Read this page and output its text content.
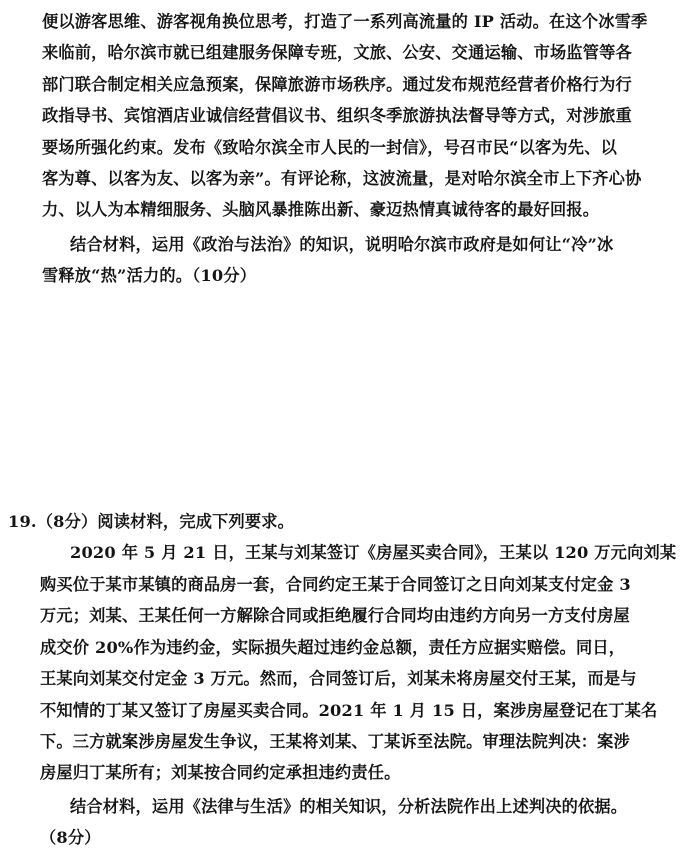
便以游客思维、游客视角换位思考，打造了一系列高流量的 IP 活动。在这个冰雪季
来临前，哈尔滨市就已组建服务保障专班，文旅、公安、交通运输、市场监管等各
部门联合制定相关应急预案，保障旅游市场秩序。通过发布规范经营者价格行为行
政指导书、宾馆酒店业诚信经营倡议书、组织冬季旅游执法督导等方式，对涉旅重
要场所强化约束。发布《致哈尔滨全市人民的一封信》，号召市民“以客为先、以
客为尊、以客为友、以客为亲”。有评论称，这波流量，是对哈尔滨全市上下齐心协
力、以人为本精细服务、头脑风暴推陈出新、豪迈热情真诚待客的最好回报。
结合材料，运用《政治与法治》的知识，说明哈尔滨市政府是如何让“冷”冰
雪释放“热”活力的。（10分）
19.（8分）阅读材料，完成下列要求。
2020 年 5 月 21 日，王某与刘某签订《房屋买卖合同》，王某以 120 万元向刘某
购买位于某市某镇的商品房一套，合同约定王某于合同签订之日向刘某支付定金 3
万元；刘某、王某任何一方解除合同或拒绝履行合同均由违约方向另一方支付房屋
成交价 20%作为违约金，实际损失超过违约金总额，责任方应据实赔偿。同日，
王某向刘某交付定金 3 万元。然而，合同签订后，刘某未将房屋交付王某，而是与
不知情的丁某又签订了房屋买卖合同。2021 年 1 月 15 日，案涉房屋登记在丁某名
下。三方就案涉房屋发生争议，王某将刘某、丁某诉至法院。审理法院判决：案涉
房屋归丁某所有；刘某按合同约定承担违约责任。
结合材料，运用《法律与生活》的相关知识，分析法院作出上述判决的依据。
（8分）
